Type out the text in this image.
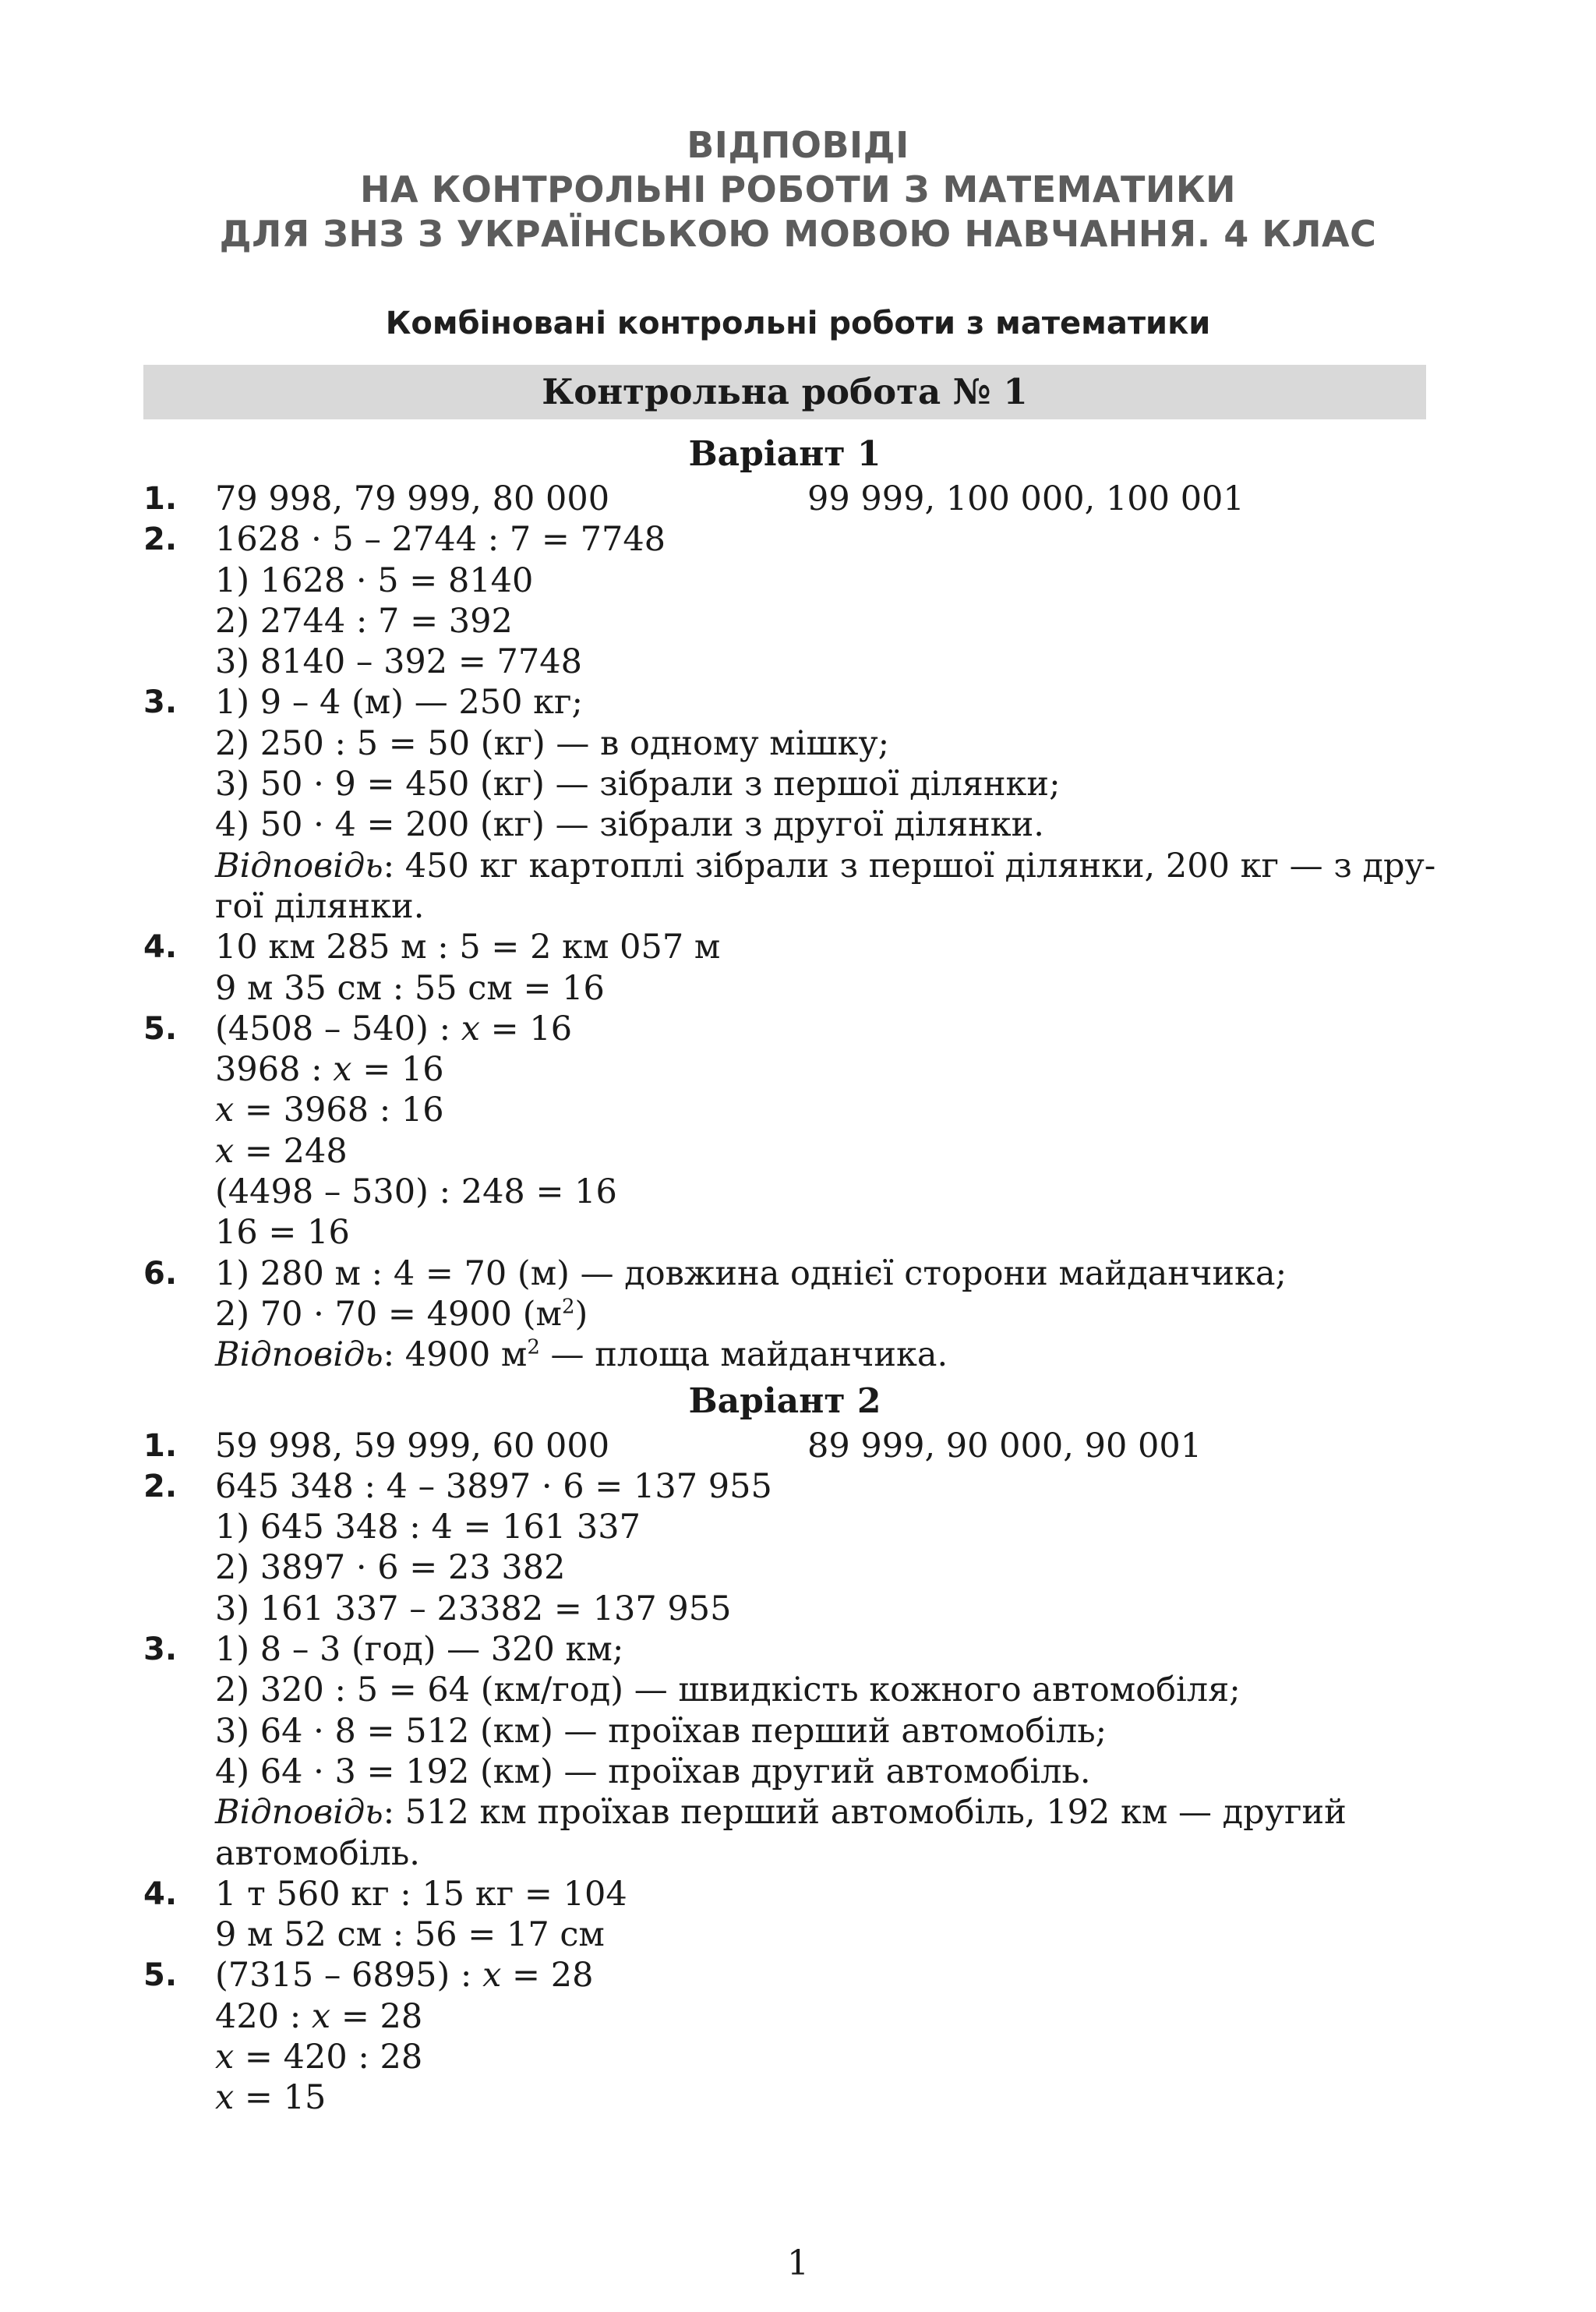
ВІДПОВІДІ
НА КОНТРОЛЬНІ РОБОТИ З МАТЕМАТИКИ
ДЛЯ ЗНЗ З УКРАЇНСЬКОЮ МОВОЮ НАВЧАННЯ. 4 КЛАС
Комбіновані контрольні роботи з математики
Контрольна робота № 1
Варіант 1
1. 79 998, 79 999, 80 000	99 999, 100 000, 100 001
2. 1628 · 5 – 2744 : 7 = 7748
1) 1628 · 5 = 8140
2) 2744 : 7 = 392
3) 8140 – 392 = 7748
3. 1) 9 – 4 (м) — 250 кг;
2) 250 : 5 = 50 (кг) — в одному мішку;
3) 50 · 9 = 450 (кг) — зібрали з першої ділянки;
4) 50 · 4 = 200 (кг) — зібрали з другої ділянки.
Відповідь: 450 кг картоплі зібрали з першої ділянки, 200 кг — з дру-
гої ділянки.
4. 10 км 285 м : 5 = 2 км 057 м
9 м 35 см : 55 см = 16
5. (4508 – 540) : x = 16
3968 : x = 16
x = 3968 : 16
x = 248
(4498 – 530) : 248 = 16
16 = 16
6. 1) 280 м : 4 = 70 (м) — довжина однієї сторони майданчика;
2) 70 · 70 = 4900 $(м^2)$
Відповідь: 4900 $м^2$ — площа майданчика.
Варіант 2
1. 59 998, 59 999, 60 000	89 999, 90 000, 90 001
2. 645 348 : 4 – 3897 · 6 = 137 955
1) 645 348 : 4 = 161 337
2) 3897 · 6 = 23 382
3) 161 337 – 23382 = 137 955
3. 1) 8 – 3 (год) — 320 км;
2) 320 : 5 = 64 (км/год) — швидкість кожного автомобіля;
3) 64 · 8 = 512 (км) — проїхав перший автомобіль;
4) 64 · 3 = 192 (км) — проїхав другий автомобіль.
Відповідь: 512 км проїхав перший автомобіль, 192 км — другий
автомобіль.
4. 1 т 560 кг : 15 кг = 104
9 м 52 см : 56 = 17 см
5. (7315 – 6895) : x = 28
420 : x = 28
x = 420 : 28
x = 15
1
